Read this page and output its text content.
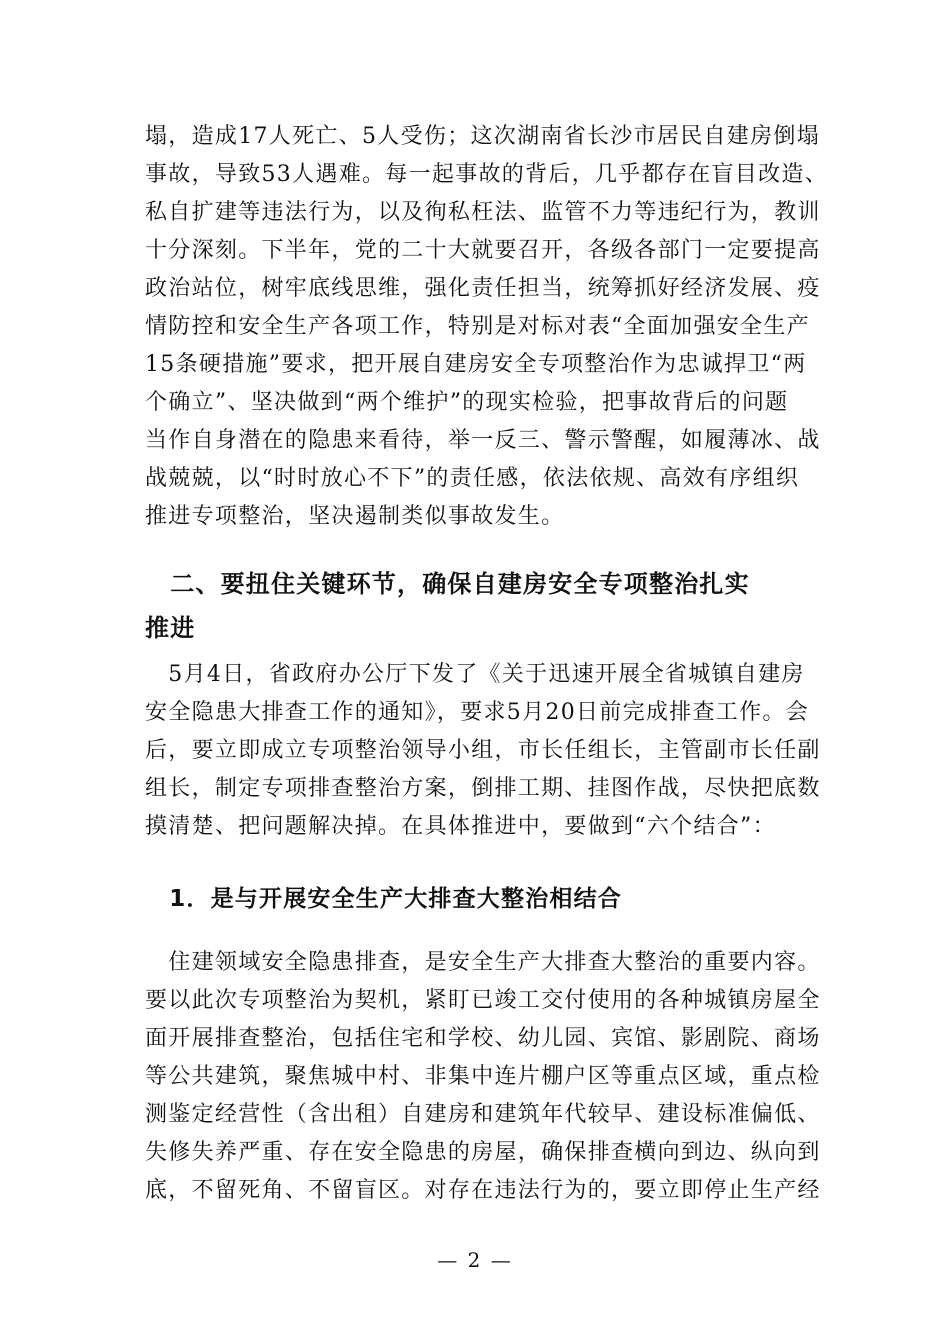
塌，造成17人死亡、5人受伤；这次湖南省长沙市居民自建房倒塌
事故，导致53人遇难。每一起事故的背后，几乎都存在盲目改造、
私自扩建等违法行为，以及徇私枉法、监管不力等违纪行为，教训
十分深刻。下半年，党的二十大就要召开，各级各部门一定要提高
政治站位，树牢底线思维，强化责任担当，统筹抓好经济发展、疫
情防控和安全生产各项工作，特别是对标对表“全面加强安全生产
15条硬措施”要求，把开展自建房安全专项整治作为忠诚捍卫“两
个确立”、坚决做到“两个维护”的现实检验，把事故背后的问题
当作自身潜在的隐患来看待，举一反三、警示警醒，如履薄冰、战
战兢兢，以“时时放心不下”的责任感，依法依规、高效有序组织
推进专项整治，坚决遏制类似事故发生。
　二、要扭住关键环节，确保自建房安全专项整治扎实
推进
　5月4日，省政府办公厅下发了《关于迅速开展全省城镇自建房
安全隐患大排查工作的通知》，要求5月20日前完成排查工作。会
后，要立即成立专项整治领导小组，市长任组长，主管副市长任副
组长，制定专项排查整治方案，倒排工期、挂图作战，尽快把底数
摸清楚、把问题解决掉。在具体推进中，要做到“六个结合”：
　1．是与开展安全生产大排查大整治相结合
　住建领域安全隐患排查，是安全生产大排查大整治的重要内容。
要以此次专项整治为契机，紧盯已竣工交付使用的各种城镇房屋全
面开展排查整治，包括住宅和学校、幼儿园、宾馆、影剧院、商场
等公共建筑，聚焦城中村、非集中连片棚户区等重点区域，重点检
测鉴定经营性（含出租）自建房和建筑年代较早、建设标准偏低、
失修失养严重、存在安全隐患的房屋，确保排查横向到边、纵向到
底，不留死角、不留盲区。对存在违法行为的，要立即停止生产经
— 2 —
